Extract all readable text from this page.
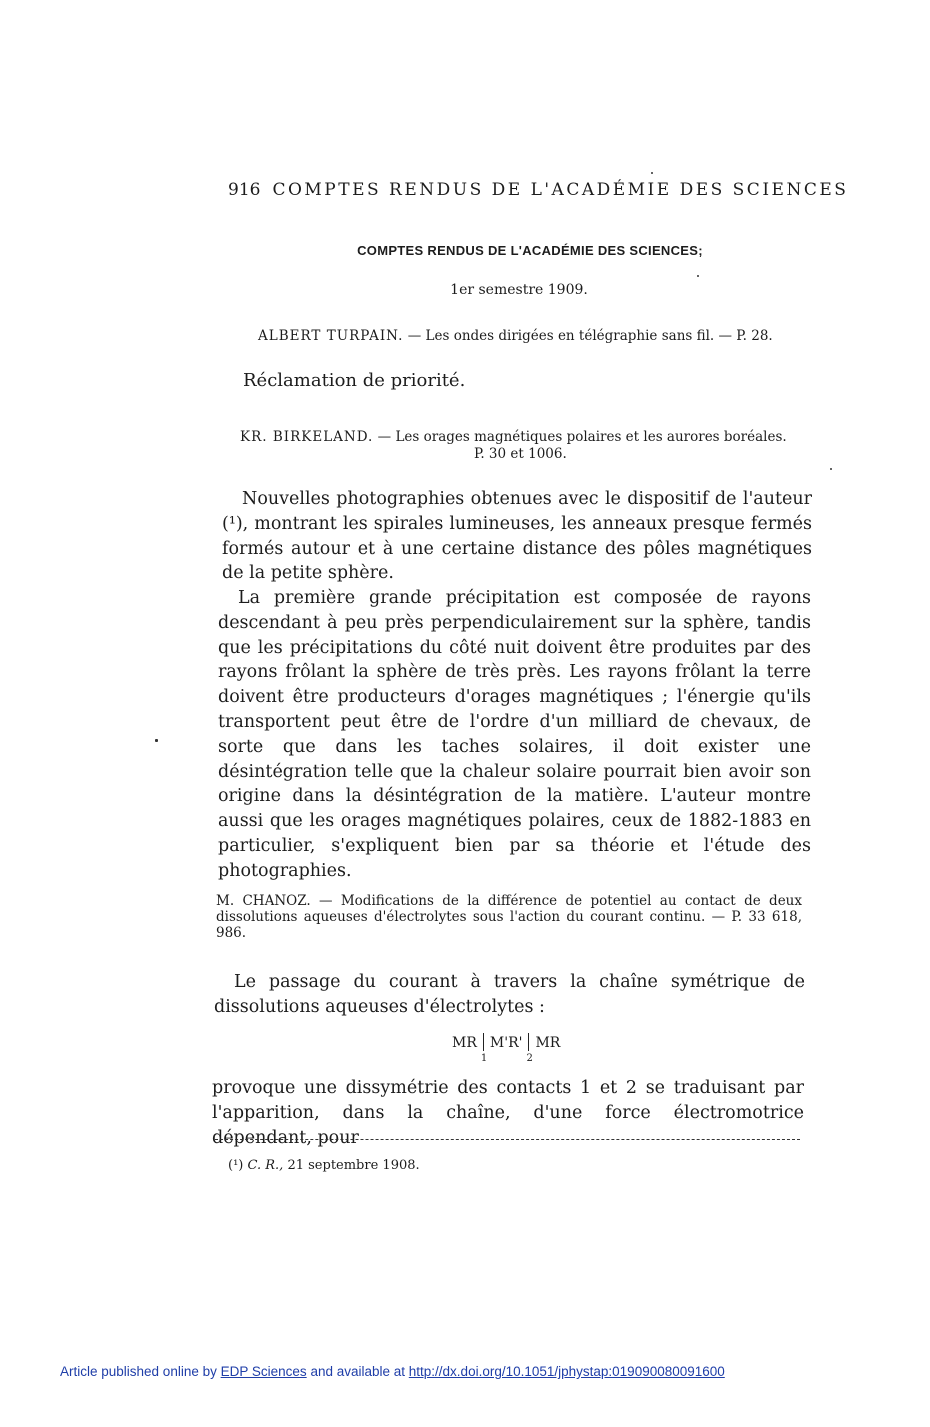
916 COMPTES RENDUS DE L'ACADÉMIE DES SCIENCES
COMPTES RENDUS DE L'ACADÉMIE DES SCIENCES;
1er semestre 1909.
ALBERT TURPAIN. — Les ondes dirigées en télégraphie sans fil. — P. 28.
Réclamation de priorité.
KR. BIRKELAND. — Les orages magnétiques polaires et les aurores boréales.
P. 30 et 1006.

Nouvelles photographies obtenues avec le dispositif de l'auteur (¹), montrant les spirales lumineuses, les anneaux presque fermés formés autour et à une certaine distance des pôles magnétiques de la petite sphère.

La première grande précipitation est composée de rayons descendant à peu près perpendiculairement sur la sphère, tandis que les précipitations du côté nuit doivent être produites par des rayons frôlant la sphère de très près. Les rayons frôlant la terre doivent être producteurs d'orages magnétiques ; l'énergie qu'ils transportent peut être de l'ordre d'un milliard de chevaux, de sorte que dans les taches solaires, il doit exister une désintégration telle que la chaleur solaire pourrait bien avoir son origine dans la désintégration de la matière. L'auteur montre aussi que les orages magnétiques polaires, ceux de 1882-1883 en particulier, s'expliquent bien par sa théorie et l'étude des photographies.

M. CHANOZ. — Modifications de la différence de potentiel au contact de deux dissolutions aqueuses d'électrolytes sous l'action du courant continu. — P. 33 618, 986.

Le passage du courant à travers la chaîne symétrique de dissolutions aqueuses d'électrolytes :

MR
1
M'R'
2
MR

provoque une dissymétrie des contacts 1 et 2 se traduisant par l'apparition, dans la chaîne, d'une force électromotrice dépendant, pour

(¹) C. R., 21 septembre 1908.
Article published online by EDP Sciences and available at http://dx.doi.org/10.1051/jphystap:019090080091600
